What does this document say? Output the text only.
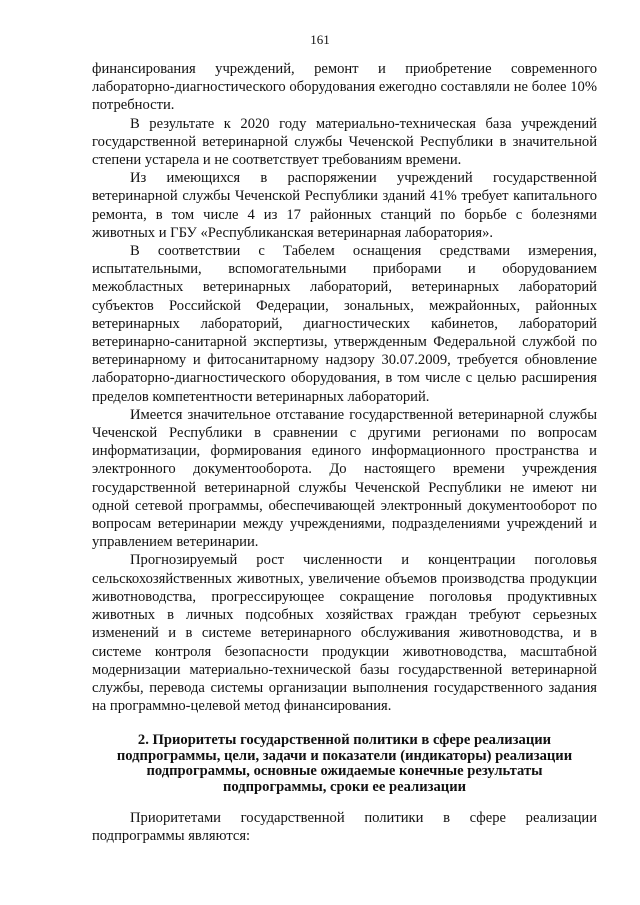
161

финансирования учреждений, ремонт и приобретение современного лабораторно-диагностического оборудования ежегодно составляли не более 10% потребности.

В результате к 2020 году материально-техническая база учреждений государственной ветеринарной службы Чеченской Республики в значительной степени устарела и не соответствует требованиям времени.

Из имеющихся в распоряжении учреждений государственной ветеринарной службы Чеченской Республики зданий 41% требует капитального ремонта, в том числе 4 из 17 районных станций по борьбе с болезнями животных и ГБУ «Республиканская ветеринарная лаборатория».

В соответствии с Табелем оснащения средствами измерения, испытательными, вспомогательными приборами и оборудованием межобластных ветеринарных лабораторий, ветеринарных лабораторий субъектов Российской Федерации, зональных, межрайонных, районных ветеринарных лабораторий, диагностических кабинетов, лабораторий ветеринарно-санитарной экспертизы, утвержденным Федеральной службой по ветеринарному и фитосанитарному надзору 30.07.2009, требуется обновление лабораторно-диагностического оборудования, в том числе с целью расширения пределов компетентности ветеринарных лабораторий.

Имеется значительное отставание государственной ветеринарной службы Чеченской Республики в сравнении с другими регионами по вопросам информатизации, формирования единого информационного пространства и электронного документооборота. До настоящего времени учреждения государственной ветеринарной службы Чеченской Республики не имеют ни одной сетевой программы, обеспечивающей электронный документооборот по вопросам ветеринарии между учреждениями, подразделениями учреждений и управлением ветеринарии.

Прогнозируемый рост численности и концентрации поголовья сельскохозяйственных животных, увеличение объемов производства продукции животноводства, прогрессирующее сокращение поголовья продуктивных животных в личных подсобных хозяйствах граждан требуют серьезных изменений и в системе ветеринарного обслуживания животноводства, и в системе контроля безопасности продукции животноводства, масштабной модернизации материально-технической базы государственной ветеринарной службы, перевода системы организации выполнения государственного задания на программно-целевой метод финансирования.

2. Приоритеты государственной политики в сфере реализации
подпрограммы, цели, задачи и показатели (индикаторы) реализации
подпрограммы, основные ожидаемые конечные результаты
подпрограммы, сроки ее реализации

Приоритетами государственной политики в сфере реализации подпрограммы являются:
